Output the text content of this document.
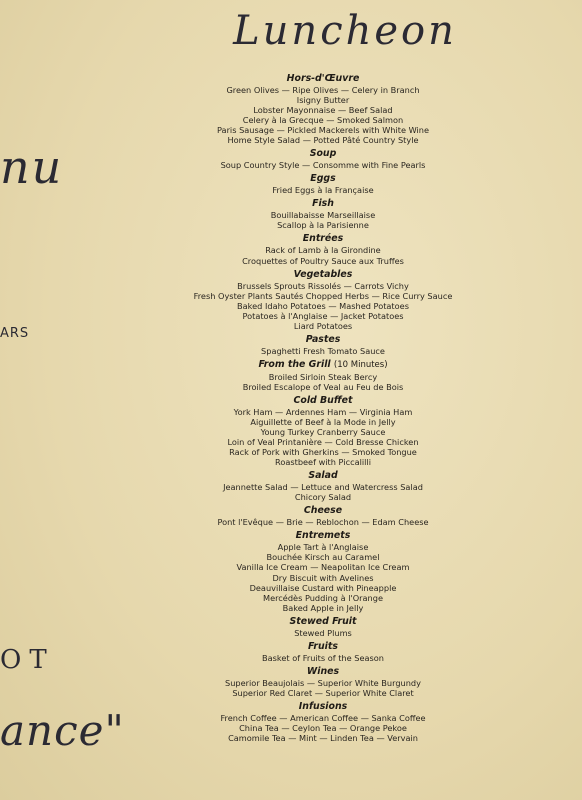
Luncheon
nu
ARS
OT
ance"
Hors-d'Œuvre
Green Olives — Ripe Olives — Celery in Branch
Isigny Butter
Lobster Mayonnaise — Beef Salad
Celery à la Grecque — Smoked Salmon
Paris Sausage — Pickled Mackerels with White Wine
Home Style Salad — Potted Pâté Country Style
Soup
Soup Country Style — Consomme with Fine Pearls
Eggs
Fried Eggs à la Française
Fish
Bouillabaisse Marseillaise
Scallop à la Parisienne
Entrées
Rack of Lamb à la Girondine
Croquettes of Poultry Sauce aux Truffes
Vegetables
Brussels Sprouts Rissolés — Carrots Vichy
Fresh Oyster Plants Sautés Chopped Herbs — Rice Curry Sauce
Baked Idaho Potatoes — Mashed Potatoes
Potatoes à l'Anglaise — Jacket Potatoes
Liard Potatoes
Pastes
Spaghetti Fresh Tomato Sauce
From the Grill (10 Minutes)
Broiled Sirloin Steak Bercy
Broiled Escalope of Veal au Feu de Bois
Cold Buffet
York Ham — Ardennes Ham — Virginia Ham
Aiguillette of Beef à la Mode in Jelly
Young Turkey Cranberry Sauce
Loin of Veal Printanière — Cold Bresse Chicken
Rack of Pork with Gherkins — Smoked Tongue
Roastbeef with Piccalilli
Salad
Jeannette Salad — Lettuce and Watercress Salad
Chicory Salad
Cheese
Pont l'Evêque — Brie — Reblochon — Edam Cheese
Entremets
Apple Tart à l'Anglaise
Bouchée Kirsch au Caramel
Vanilla Ice Cream — Neapolitan Ice Cream
Dry Biscuit with Avelines
Deauvillaise Custard with Pineapple
Mercédès Pudding à l'Orange
Baked Apple in Jelly
Stewed Fruit
Stewed Plums
Fruits
Basket of Fruits of the Season
Wines
Superior Beaujolais — Superior White Burgundy
Superior Red Claret — Superior White Claret
Infusions
French Coffee — American Coffee — Sanka Coffee
China Tea — Ceylon Tea — Orange Pekoe
Camomile Tea — Mint — Linden Tea — Vervain
